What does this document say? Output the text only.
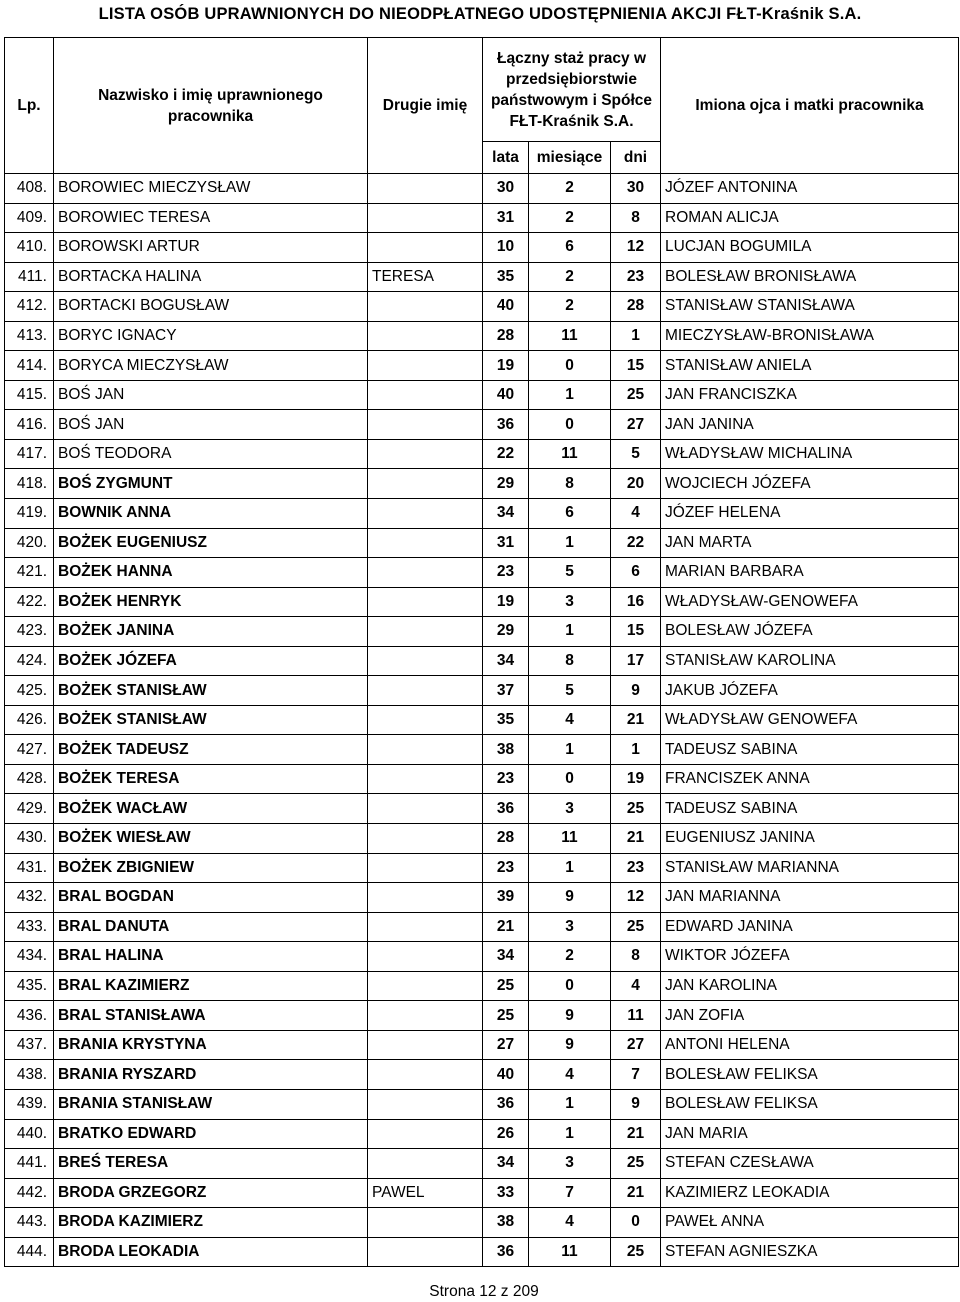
LISTA OSÓB UPRAWNIONYCH DO NIEODPŁATNEGO UDOSTĘPNIENIA AKCJI FŁT-Kraśnik S.A.
Lp.	Nazwisko i imię uprawnionego pracownika	Drugie imię	Łączny staż pracy w przedsiębiorstwie państwowym i Spółce FŁT-Kraśnik S.A.			Imiona ojca i matki pracownika
			lata	miesiące	dni	
408.	BOROWIEC MIECZYSŁAW		30	2	30	JÓZEF ANTONINA
409.	BOROWIEC TERESA		31	2	8	ROMAN ALICJA
410.	BOROWSKI ARTUR		10	6	12	LUCJAN BOGUMILA
411.	BORTACKA HALINA	TERESA	35	2	23	BOLESŁAW BRONISŁAWA
412.	BORTACKI BOGUSŁAW		40	2	28	STANISŁAW STANISŁAWA
413.	BORYC IGNACY		28	11	1	MIECZYSŁAW-BRONISŁAWA
414.	BORYCA MIECZYSŁAW		19	0	15	STANISŁAW ANIELA
415.	BOŚ JAN		40	1	25	JAN FRANCISZKA
416.	BOŚ JAN		36	0	27	JAN JANINA
417.	BOŚ TEODORA		22	11	5	WŁADYSŁAW MICHALINA
418.	BOŚ ZYGMUNT		29	8	20	WOJCIECH JÓZEFA
419.	BOWNIK ANNA		34	6	4	JÓZEF HELENA
420.	BOŻEK EUGENIUSZ		31	1	22	JAN MARTA
421.	BOŻEK HANNA		23	5	6	MARIAN BARBARA
422.	BOŻEK HENRYK		19	3	16	WŁADYSŁAW-GENOWEFA
423.	BOŻEK JANINA		29	1	15	BOLESŁAW JÓZEFA
424.	BOŻEK JÓZEFA		34	8	17	STANISŁAW KAROLINA
425.	BOŻEK STANISŁAW		37	5	9	JAKUB JÓZEFA
426.	BOŻEK STANISŁAW		35	4	21	WŁADYSŁAW GENOWEFA
427.	BOŻEK TADEUSZ		38	1	1	TADEUSZ SABINA
428.	BOŻEK TERESA		23	0	19	FRANCISZEK ANNA
429.	BOŻEK WACŁAW		36	3	25	TADEUSZ SABINA
430.	BOŻEK WIESŁAW		28	11	21	EUGENIUSZ JANINA
431.	BOŻEK ZBIGNIEW		23	1	23	STANISŁAW MARIANNA
432.	BRAL BOGDAN		39	9	12	JAN MARIANNA
433.	BRAL DANUTA		21	3	25	EDWARD JANINA
434.	BRAL HALINA		34	2	8	WIKTOR JÓZEFA
435.	BRAL KAZIMIERZ		25	0	4	JAN KAROLINA
436.	BRAL STANISŁAWA		25	9	11	JAN ZOFIA
437.	BRANIA KRYSTYNA		27	9	27	ANTONI HELENA
438.	BRANIA RYSZARD		40	4	7	BOLESŁAW FELIKSA
439.	BRANIA STANISŁAW		36	1	9	BOLESŁAW FELIKSA
440.	BRATKO EDWARD		26	1	21	JAN MARIA
441.	BREŚ TERESA		34	3	25	STEFAN CZESŁAWA
442.	BRODA GRZEGORZ	PAWEL	33	7	21	KAZIMIERZ LEOKADIA
443.	BRODA KAZIMIERZ		38	4	0	PAWEŁ ANNA
444.	BRODA LEOKADIA		36	11	25	STEFAN AGNIESZKA
Strona 12 z 209
